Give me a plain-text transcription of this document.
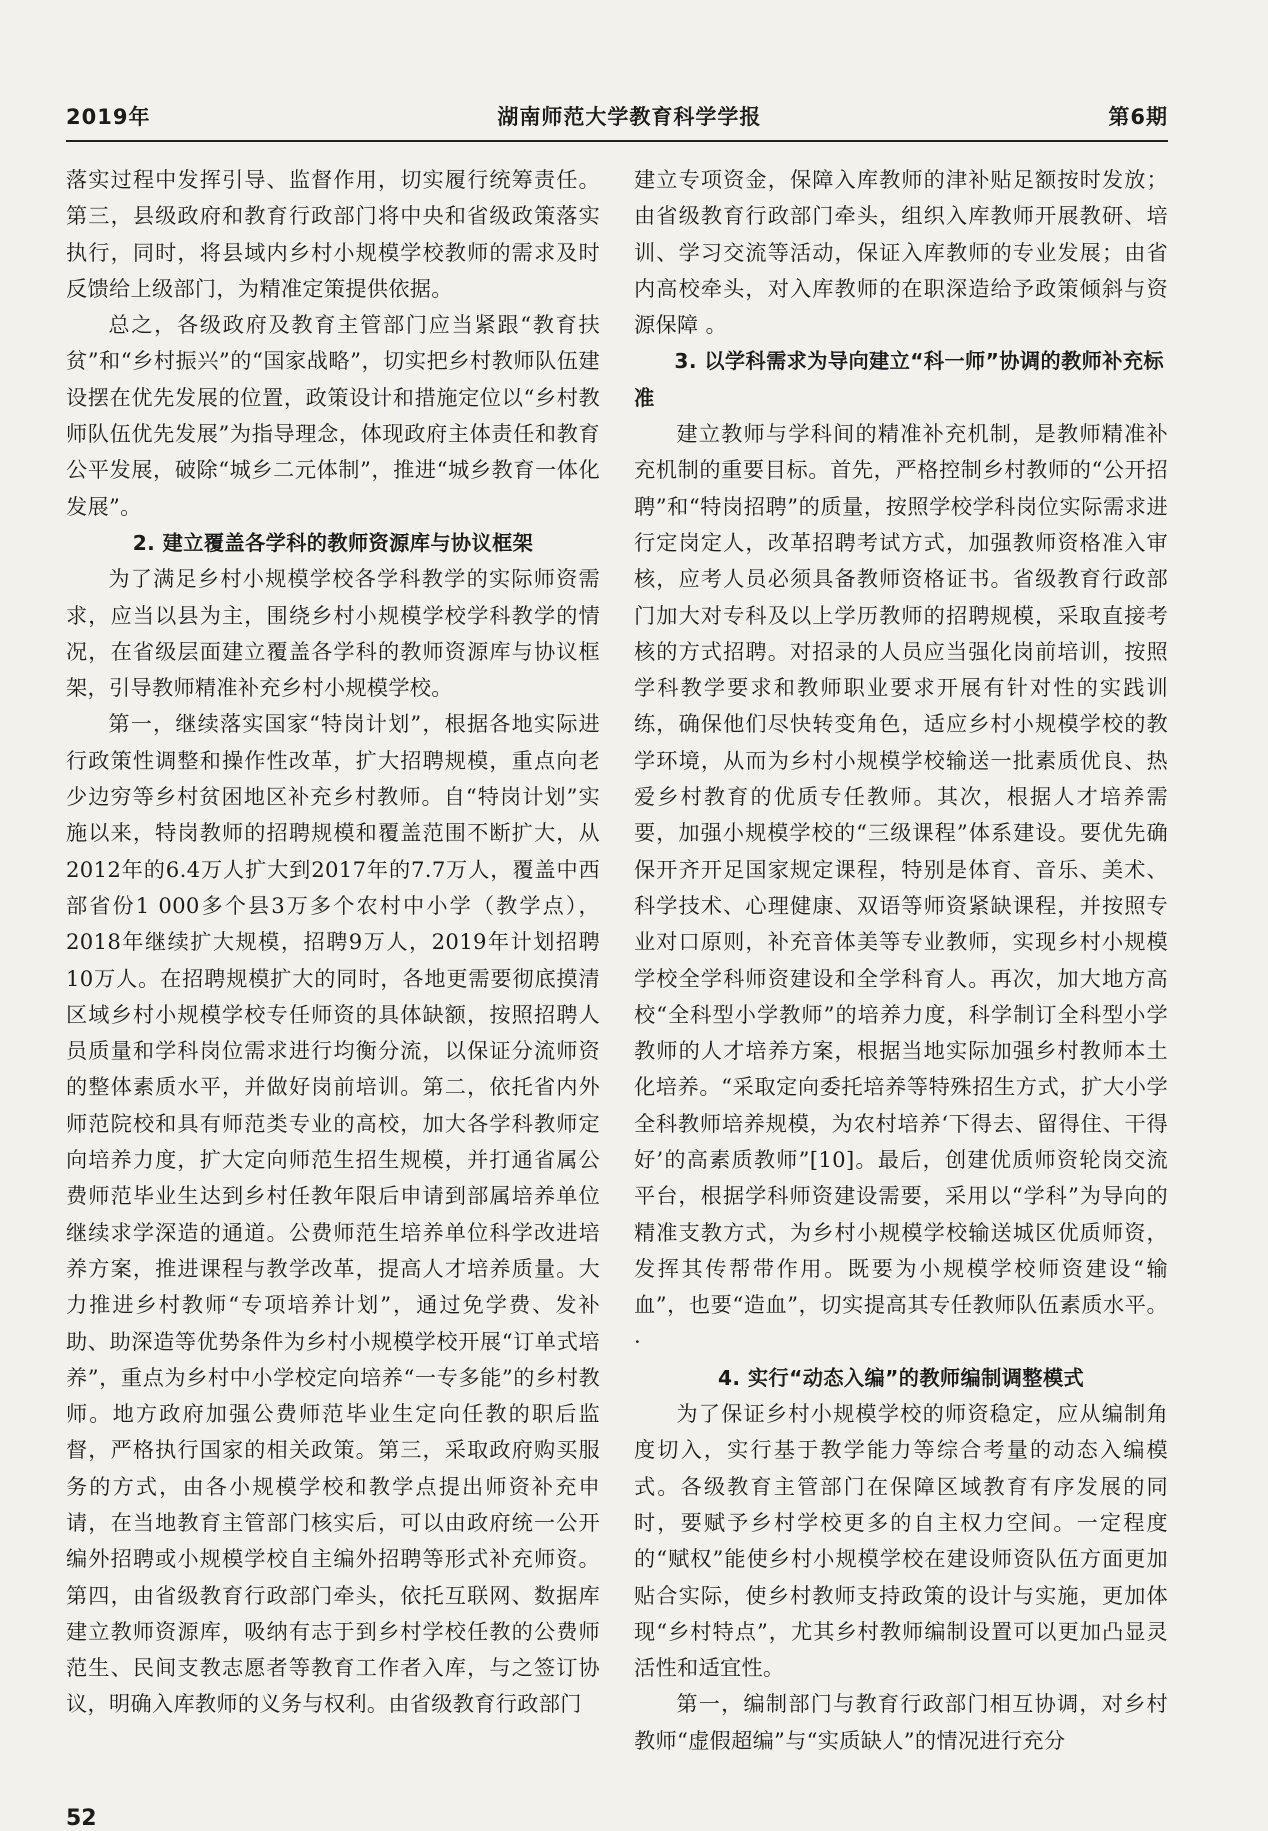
2019年	湖南师范大学教育科学学报	第6期

落实过程中发挥引导、监督作用，切实履行统筹责任。第三，县级政府和教育行政部门将中央和省级政策落实执行，同时，将县域内乡村小规模学校教师的需求及时反馈给上级部门，为精准定策提供依据。

总之，各级政府及教育主管部门应当紧跟“教育扶贫”和“乡村振兴”的“国家战略”，切实把乡村教师队伍建设摆在优先发展的位置，政策设计和措施定位以“乡村教师队伍优先发展”为指导理念，体现政府主体责任和教育公平发展，破除“城乡二元体制”，推进“城乡教育一体化发展”。

2. 建立覆盖各学科的教师资源库与协议框架

为了满足乡村小规模学校各学科教学的实际师资需求，应当以县为主，围绕乡村小规模学校学科教学的情况，在省级层面建立覆盖各学科的教师资源库与协议框架，引导教师精准补充乡村小规模学校。

第一，继续落实国家“特岗计划”，根据各地实际进行政策性调整和操作性改革，扩大招聘规模，重点向老少边穷等乡村贫困地区补充乡村教师。自“特岗计划”实施以来，特岗教师的招聘规模和覆盖范围不断扩大，从2012年的6.4万人扩大到2017年的7.7万人，覆盖中西部省份1 000多个县3万多个农村中小学（教学点），2018年继续扩大规模，招聘9万人，2019年计划招聘10万人。在招聘规模扩大的同时，各地更需要彻底摸清区域乡村小规模学校专任师资的具体缺额，按照招聘人员质量和学科岗位需求进行均衡分流，以保证分流师资的整体素质水平，并做好岗前培训。第二，依托省内外师范院校和具有师范类专业的高校，加大各学科教师定向培养力度，扩大定向师范生招生规模，并打通省属公费师范毕业生达到乡村任教年限后申请到部属培养单位继续求学深造的通道。公费师范生培养单位科学改进培养方案，推进课程与教学改革，提高人才培养质量。大力推进乡村教师“专项培养计划”，通过免学费、发补助、助深造等优势条件为乡村小规模学校开展“订单式培养”，重点为乡村中小学校定向培养“一专多能”的乡村教师。地方政府加强公费师范毕业生定向任教的职后监督，严格执行国家的相关政策。第三，采取政府购买服务的方式，由各小规模学校和教学点提出师资补充申请，在当地教育主管部门核实后，可以由政府统一公开编外招聘或小规模学校自主编外招聘等形式补充师资。第四，由省级教育行政部门牵头，依托互联网、数据库建立教师资源库，吸纳有志于到乡村学校任教的公费师范生、民间支教志愿者等教育工作者入库，与之签订协议，明确入库教师的义务与权利。由省级教育行政部门

建立专项资金，保障入库教师的津补贴足额按时发放；由省级教育行政部门牵头，组织入库教师开展教研、培训、学习交流等活动，保证入库教师的专业发展；由省内高校牵头，对入库教师的在职深造给予政策倾斜与资源保障 。

3. 以学科需求为导向建立“科一师”协调的教师补充标准

建立教师与学科间的精准补充机制，是教师精准补充机制的重要目标。首先，严格控制乡村教师的“公开招聘”和“特岗招聘”的质量，按照学校学科岗位实际需求进行定岗定人，改革招聘考试方式，加强教师资格准入审核，应考人员必须具备教师资格证书。省级教育行政部门加大对专科及以上学历教师的招聘规模，采取直接考核的方式招聘。对招录的人员应当强化岗前培训，按照学科教学要求和教师职业要求开展有针对性的实践训练，确保他们尽快转变角色，适应乡村小规模学校的教学环境，从而为乡村小规模学校输送一批素质优良、热爱乡村教育的优质专任教师。其次，根据人才培养需要，加强小规模学校的“三级课程”体系建设。要优先确保开齐开足国家规定课程，特别是体育、音乐、美术、科学技术、心理健康、双语等师资紧缺课程，并按照专业对口原则，补充音体美等专业教师，实现乡村小规模学校全学科师资建设和全学科育人。再次，加大地方高校“全科型小学教师”的培养力度，科学制订全科型小学教师的人才培养方案，根据当地实际加强乡村教师本土化培养。“采取定向委托培养等特殊招生方式，扩大小学全科教师培养规模，为农村培养‘下得去、留得住、干得好’的高素质教师”[10]。最后，创建优质师资轮岗交流平台，根据学科师资建设需要，采用以“学科”为导向的精准支教方式，为乡村小规模学校输送城区优质师资，发挥其传帮带作用。既要为小规模学校师资建设“输血”，也要“造血”，切实提高其专任教师队伍素质水平。 ·

4. 实行“动态入编”的教师编制调整模式

为了保证乡村小规模学校的师资稳定，应从编制角度切入，实行基于教学能力等综合考量的动态入编模式。各级教育主管部门在保障区域教育有序发展的同时，要赋予乡村学校更多的自主权力空间。一定程度的“赋权”能使乡村小规模学校在建设师资队伍方面更加贴合实际，使乡村教师支持政策的设计与实施，更加体现“乡村特点”，尤其乡村教师编制设置可以更加凸显灵活性和适宜性。

第一，编制部门与教育行政部门相互协调，对乡村教师“虚假超编”与“实质缺人”的情况进行充分

52
